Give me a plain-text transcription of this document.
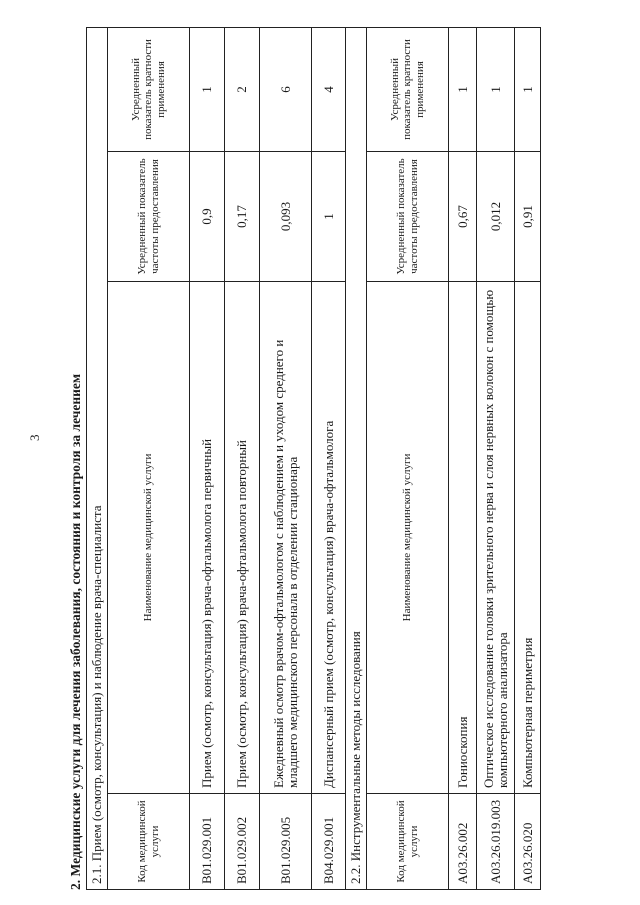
3 2. Медицинские услуги для лечения заболевания, состояния и контроля за лечением 2.1. Прием (осмотр, консультация) и наблюдение врача-специалиста			
Код медицинской услуги	Наименование медицинской услуги	Усредненный показатель частоты предоставления	Усредненный показатель кратности применения
B01.029.001	Прием (осмотр, консультация) врача-офтальмолога первичный	0,9	1
B01.029.002	Прием (осмотр, консультация) врача-офтальмолога повторный	0,17	2
B01.029.005	Ежедневный осмотр врачом-офтальмологом с наблюдением и уходом среднего и младшего медицинского персонала в отделении стационара	0,093	6
B04.029.001	Диспансерный прием (осмотр, консультация) врача-офтальмолога	1	4
2.2. Инструментальные методы исследования			
Код медицинской услуги	Наименование медицинской услуги	Усредненный показатель частоты предоставления	Усредненный показатель кратности применения
A03.26.002	Гониоскопия	0,67	1
A03.26.019.003	Оптическое исследование головки зрительного нерва и слоя нервных волокон с помощью компьютерного анализатора	0,012	1
A03.26.020	Компьютерная периметрия	0,91	1
